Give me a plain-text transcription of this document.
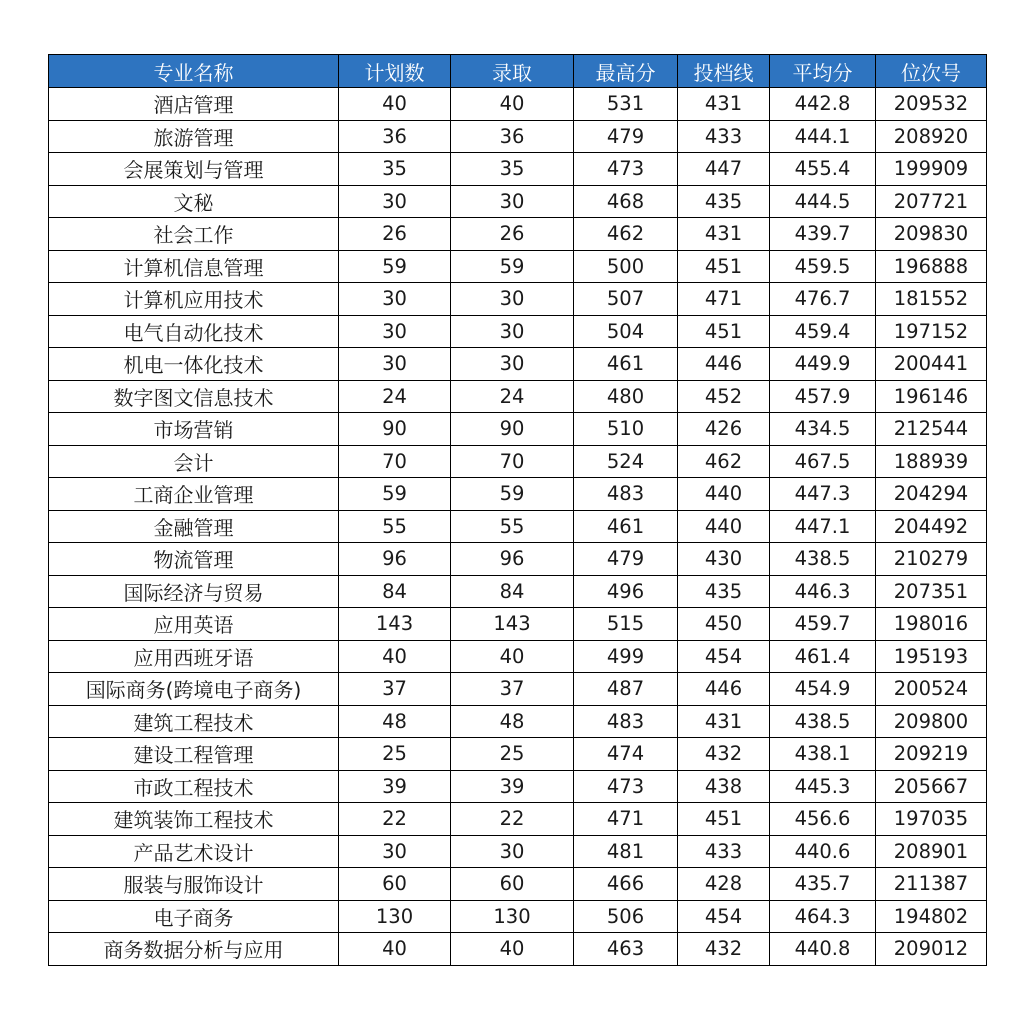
专业名称	计划数	录取	最高分	投档线	平均分	位次号
酒店管理	40	40	531	431	442.8	209532
旅游管理	36	36	479	433	444.1	208920
会展策划与管理	35	35	473	447	455.4	199909
文秘	30	30	468	435	444.5	207721
社会工作	26	26	462	431	439.7	209830
计算机信息管理	59	59	500	451	459.5	196888
计算机应用技术	30	30	507	471	476.7	181552
电气自动化技术	30	30	504	451	459.4	197152
机电一体化技术	30	30	461	446	449.9	200441
数字图文信息技术	24	24	480	452	457.9	196146
市场营销	90	90	510	426	434.5	212544
会计	70	70	524	462	467.5	188939
工商企业管理	59	59	483	440	447.3	204294
金融管理	55	55	461	440	447.1	204492
物流管理	96	96	479	430	438.5	210279
国际经济与贸易	84	84	496	435	446.3	207351
应用英语	143	143	515	450	459.7	198016
应用西班牙语	40	40	499	454	461.4	195193
国际商务(跨境电子商务)	37	37	487	446	454.9	200524
建筑工程技术	48	48	483	431	438.5	209800
建设工程管理	25	25	474	432	438.1	209219
市政工程技术	39	39	473	438	445.3	205667
建筑装饰工程技术	22	22	471	451	456.6	197035
产品艺术设计	30	30	481	433	440.6	208901
服装与服饰设计	60	60	466	428	435.7	211387
电子商务	130	130	506	454	464.3	194802
商务数据分析与应用	40	40	463	432	440.8	209012
